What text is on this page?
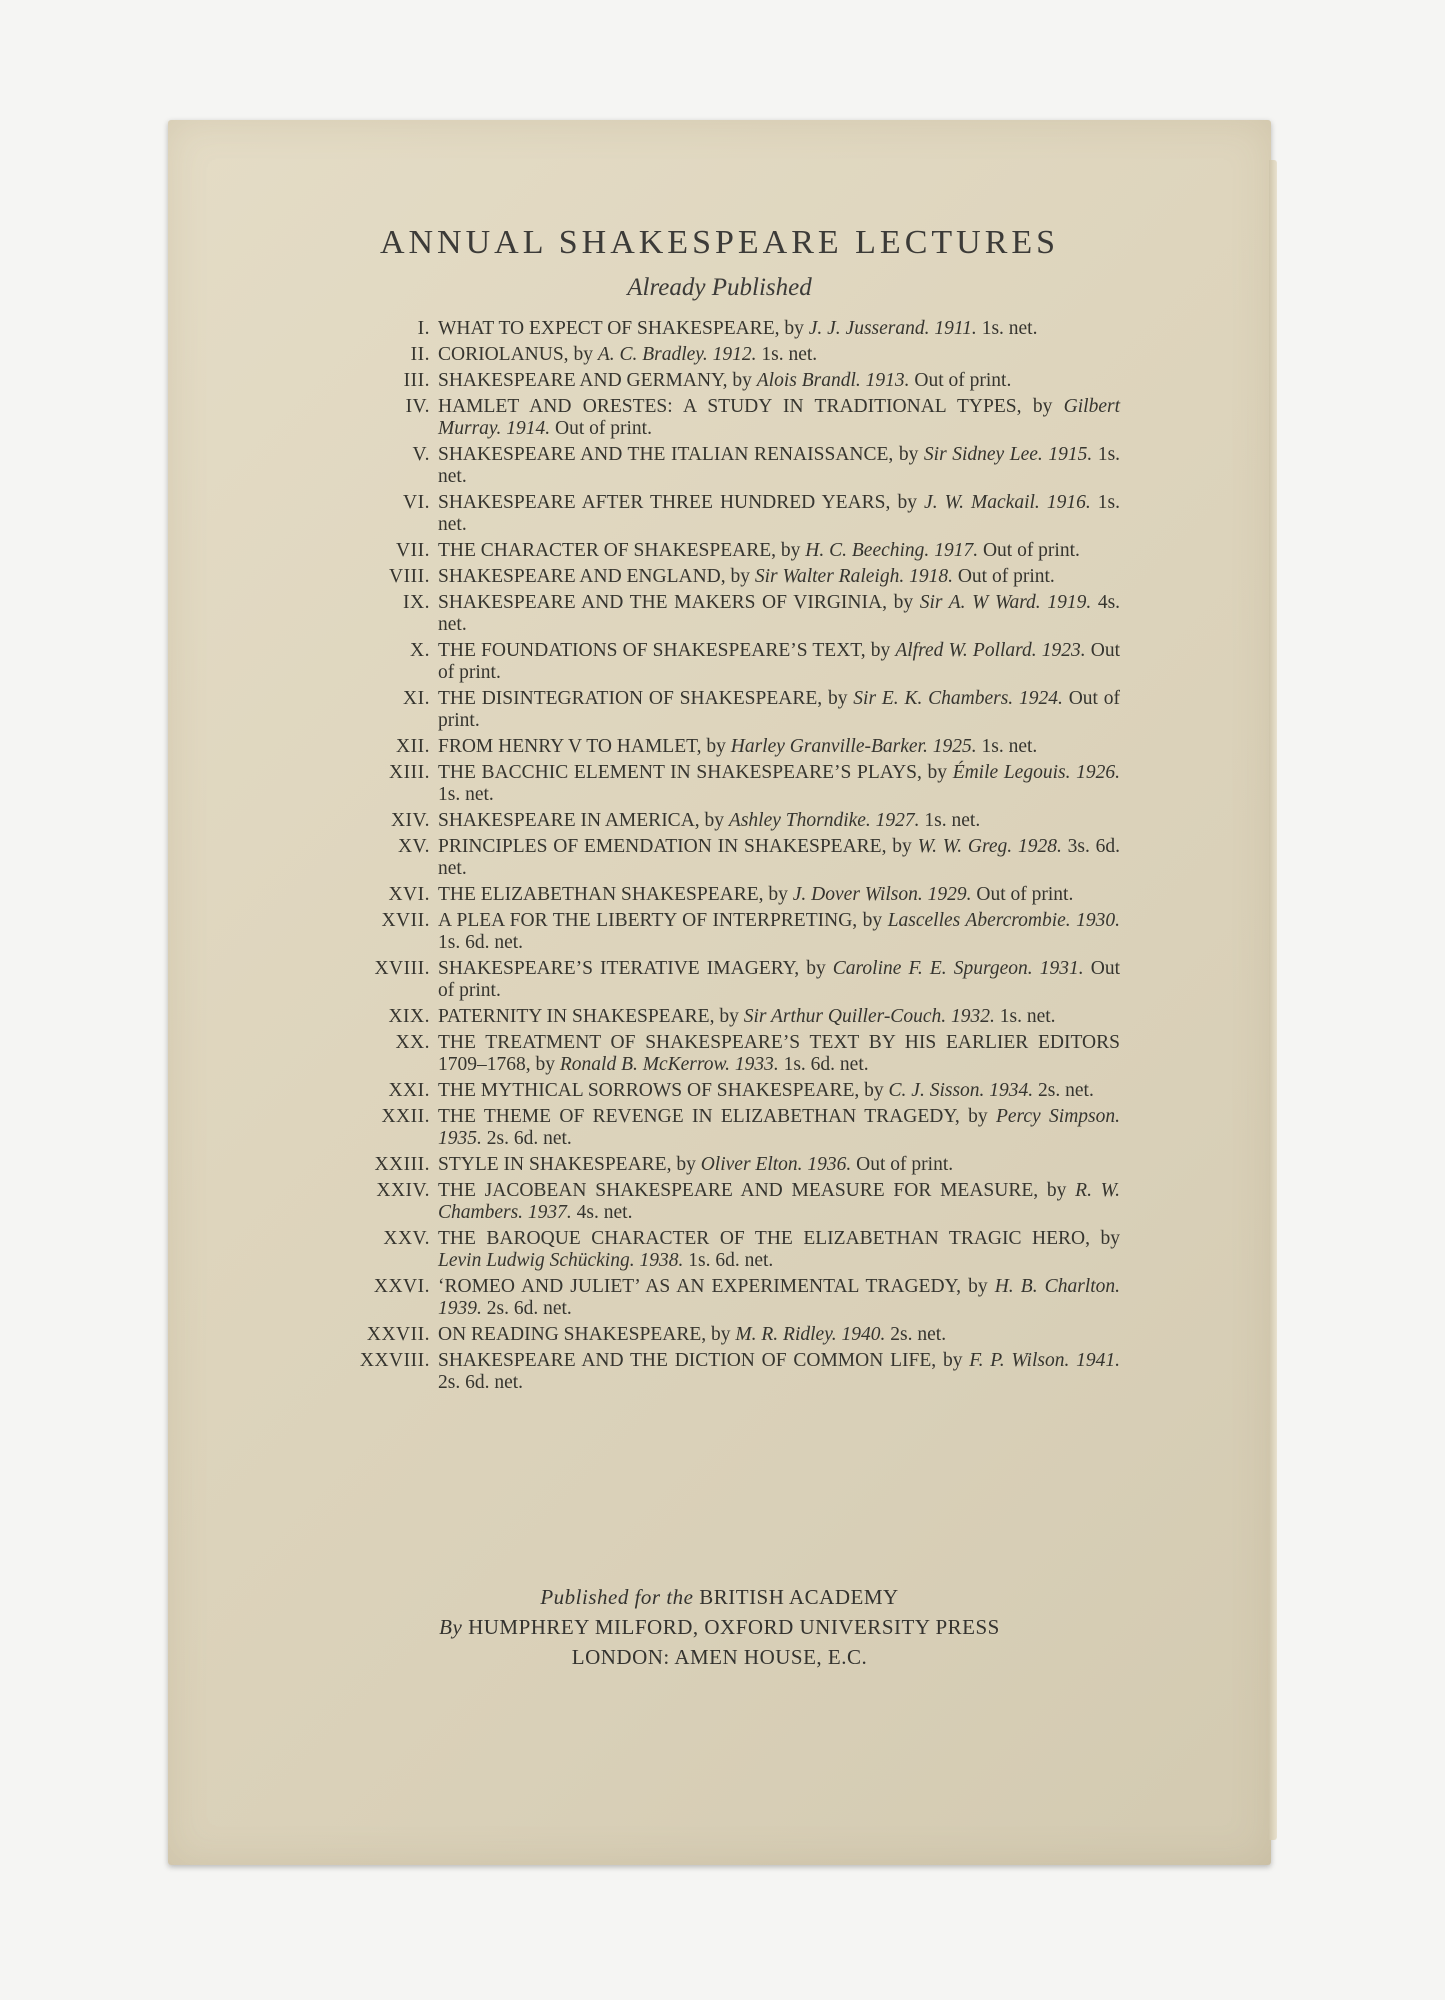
ANNUAL SHAKESPEARE LECTURES
Already Published
I. WHAT TO EXPECT OF SHAKESPEARE, by J. J. Jusserand. 1911. 1s. net.
II. CORIOLANUS, by A. C. Bradley. 1912. 1s. net.
III. SHAKESPEARE AND GERMANY, by Alois Brandl. 1913. Out of print.
IV. HAMLET AND ORESTES: A STUDY IN TRADITIONAL TYPES, by Gilbert Murray. 1914. Out of print.
V. SHAKESPEARE AND THE ITALIAN RENAISSANCE, by Sir Sidney Lee. 1915. 1s. net.
VI. SHAKESPEARE AFTER THREE HUNDRED YEARS, by J. W. Mackail. 1916. 1s. net.
VII. THE CHARACTER OF SHAKESPEARE, by H. C. Beeching. 1917. Out of print.
VIII. SHAKESPEARE AND ENGLAND, by Sir Walter Raleigh. 1918. Out of print.
IX. SHAKESPEARE AND THE MAKERS OF VIRGINIA, by Sir A. W Ward. 1919. 4s. net.
X. THE FOUNDATIONS OF SHAKESPEARE’S TEXT, by Alfred W. Pollard. 1923. Out of print.
XI. THE DISINTEGRATION OF SHAKESPEARE, by Sir E. K. Chambers. 1924. Out of print.
XII. FROM HENRY V TO HAMLET, by Harley Granville-Barker. 1925. 1s. net.
XIII. THE BACCHIC ELEMENT IN SHAKESPEARE’S PLAYS, by Émile Legouis. 1926. 1s. net.
XIV. SHAKESPEARE IN AMERICA, by Ashley Thorndike. 1927. 1s. net.
XV. PRINCIPLES OF EMENDATION IN SHAKESPEARE, by W. W. Greg. 1928. 3s. 6d. net.
XVI. THE ELIZABETHAN SHAKESPEARE, by J. Dover Wilson. 1929. Out of print.
XVII. A PLEA FOR THE LIBERTY OF INTERPRETING, by Lascelles Abercrombie. 1930. 1s. 6d. net.
XVIII. SHAKESPEARE’S ITERATIVE IMAGERY, by Caroline F. E. Spurgeon. 1931. Out of print.
XIX. PATERNITY IN SHAKESPEARE, by Sir Arthur Quiller-Couch. 1932. 1s. net.
XX. THE TREATMENT OF SHAKESPEARE’S TEXT BY HIS EARLIER EDITORS 1709–1768, by Ronald B. McKerrow. 1933. 1s. 6d. net.
XXI. THE MYTHICAL SORROWS OF SHAKESPEARE, by C. J. Sisson. 1934. 2s. net.
XXII. THE THEME OF REVENGE IN ELIZABETHAN TRAGEDY, by Percy Simpson. 1935. 2s. 6d. net.
XXIII. STYLE IN SHAKESPEARE, by Oliver Elton. 1936. Out of print.
XXIV. THE JACOBEAN SHAKESPEARE AND MEASURE FOR MEASURE, by R. W. Chambers. 1937. 4s. net.
XXV. THE BAROQUE CHARACTER OF THE ELIZABETHAN TRAGIC HERO, by Levin Ludwig Schücking. 1938. 1s. 6d. net.
XXVI. ‘ROMEO AND JULIET’ AS AN EXPERIMENTAL TRAGEDY, by H. B. Charlton. 1939. 2s. 6d. net.
XXVII. ON READING SHAKESPEARE, by M. R. Ridley. 1940. 2s. net.
XXVIII. SHAKESPEARE AND THE DICTION OF COMMON LIFE, by F. P. Wilson. 1941. 2s. 6d. net.
Published for the BRITISH ACADEMY
By HUMPHREY MILFORD, OXFORD UNIVERSITY PRESS
LONDON: AMEN HOUSE, E.C.
